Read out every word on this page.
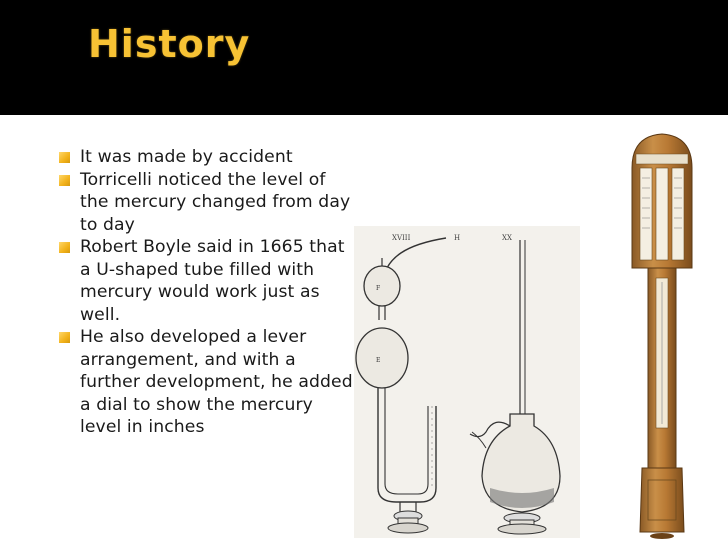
History
It was made by accident
Torricelli noticed the level of the mercury changed from day to day
Robert Boyle said in 1665 that a U-shaped tube filled with mercury would work just as well.
He also developed a lever arrangement, and with a further development, he added a dial to show the mercury level in inches
XVIII	H	XX
F
E
